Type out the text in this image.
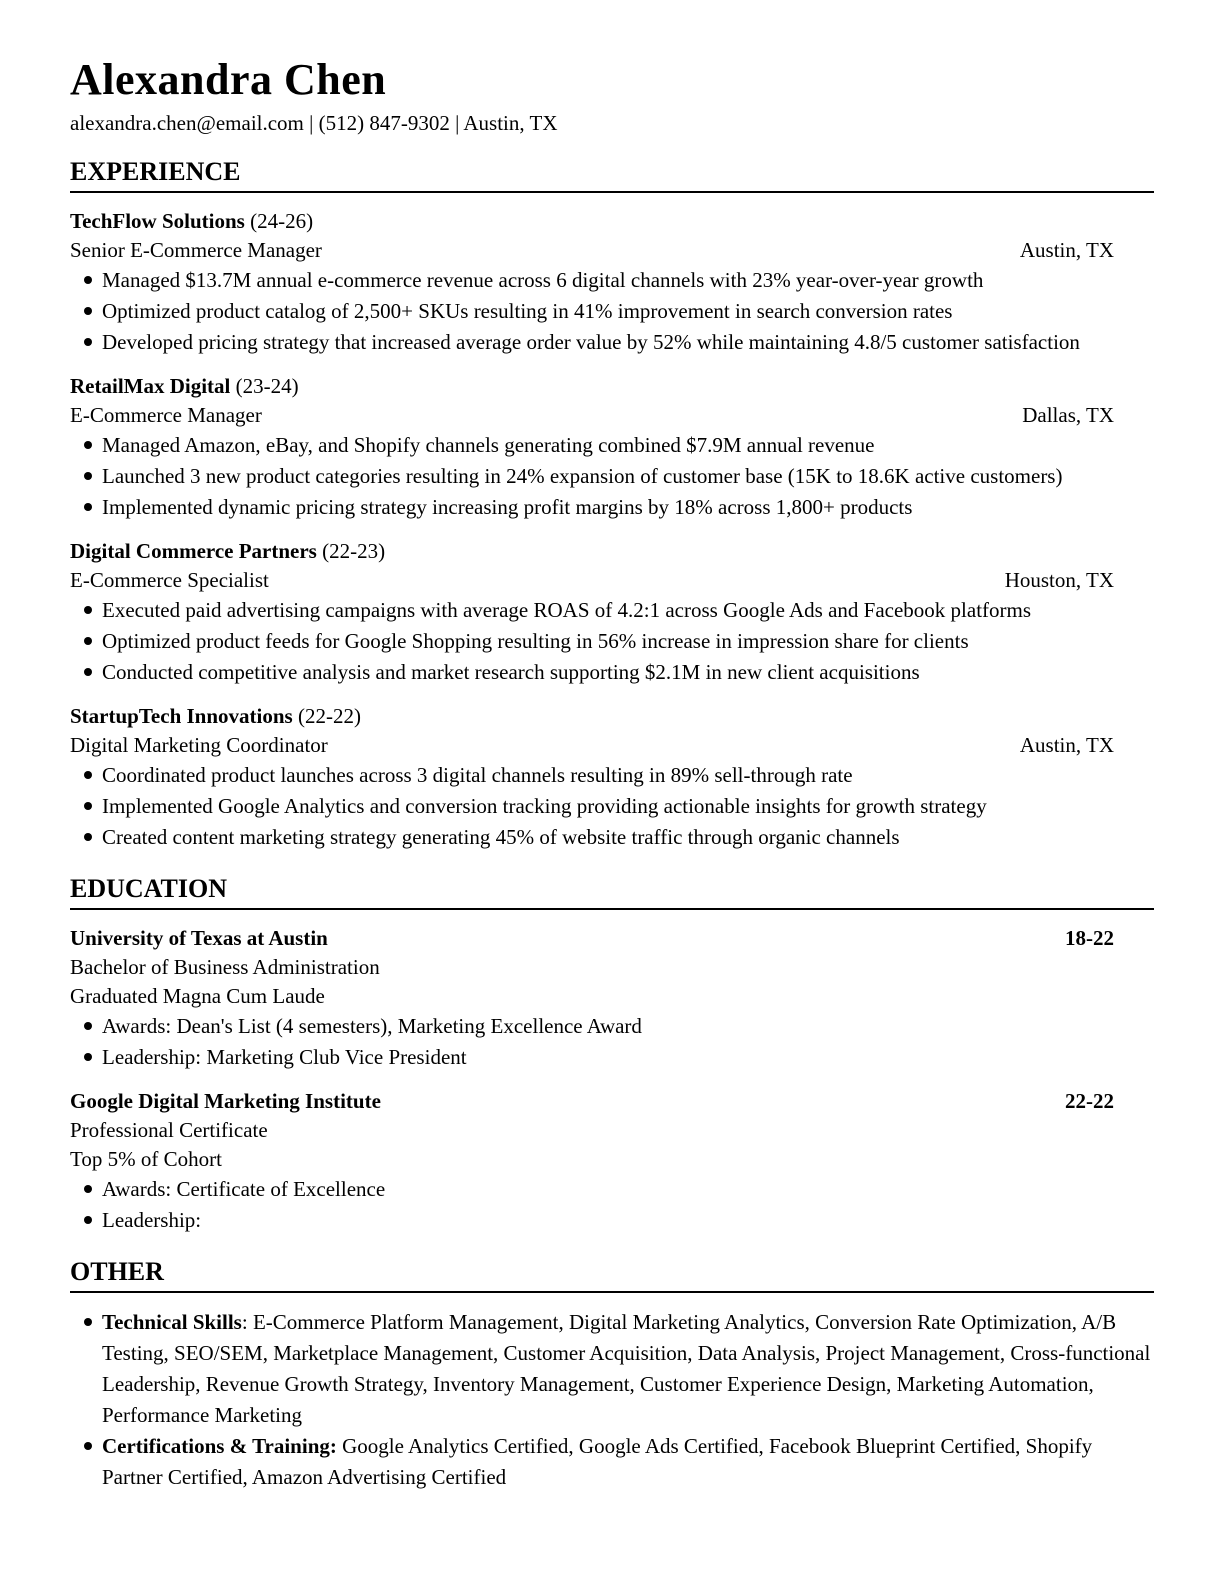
Alexandra Chen
alexandra.chen@email.com | (512) 847-9302 | Austin, TX
EXPERIENCE
TechFlow Solutions (24-26)
Senior E-Commerce Manager	Austin, TX
Managed $13.7M annual e-commerce revenue across 6 digital channels with 23% year-over-year growth
Optimized product catalog of 2,500+ SKUs resulting in 41% improvement in search conversion rates
Developed pricing strategy that increased average order value by 52% while maintaining 4.8/5 customer satisfaction
RetailMax Digital (23-24)
E-Commerce Manager	Dallas, TX
Managed Amazon, eBay, and Shopify channels generating combined $7.9M annual revenue
Launched 3 new product categories resulting in 24% expansion of customer base (15K to 18.6K active customers)
Implemented dynamic pricing strategy increasing profit margins by 18% across 1,800+ products
Digital Commerce Partners (22-23)
E-Commerce Specialist	Houston, TX
Executed paid advertising campaigns with average ROAS of 4.2:1 across Google Ads and Facebook platforms
Optimized product feeds for Google Shopping resulting in 56% increase in impression share for clients
Conducted competitive analysis and market research supporting $2.1M in new client acquisitions
StartupTech Innovations (22-22)
Digital Marketing Coordinator	Austin, TX
Coordinated product launches across 3 digital channels resulting in 89% sell-through rate
Implemented Google Analytics and conversion tracking providing actionable insights for growth strategy
Created content marketing strategy generating 45% of website traffic through organic channels
EDUCATION
University of Texas at Austin	18-22
Bachelor of Business Administration
Graduated Magna Cum Laude
Awards: Dean's List (4 semesters), Marketing Excellence Award
Leadership: Marketing Club Vice President
Google Digital Marketing Institute	22-22
Professional Certificate
Top 5% of Cohort
Awards: Certificate of Excellence
Leadership:
OTHER
Technical Skills: E-Commerce Platform Management, Digital Marketing Analytics, Conversion Rate Optimization, A/B Testing, SEO/SEM, Marketplace Management, Customer Acquisition, Data Analysis, Project Management, Cross-functional Leadership, Revenue Growth Strategy, Inventory Management, Customer Experience Design, Marketing Automation, Performance Marketing
Certifications & Training: Google Analytics Certified, Google Ads Certified, Facebook Blueprint Certified, Shopify Partner Certified, Amazon Advertising Certified
